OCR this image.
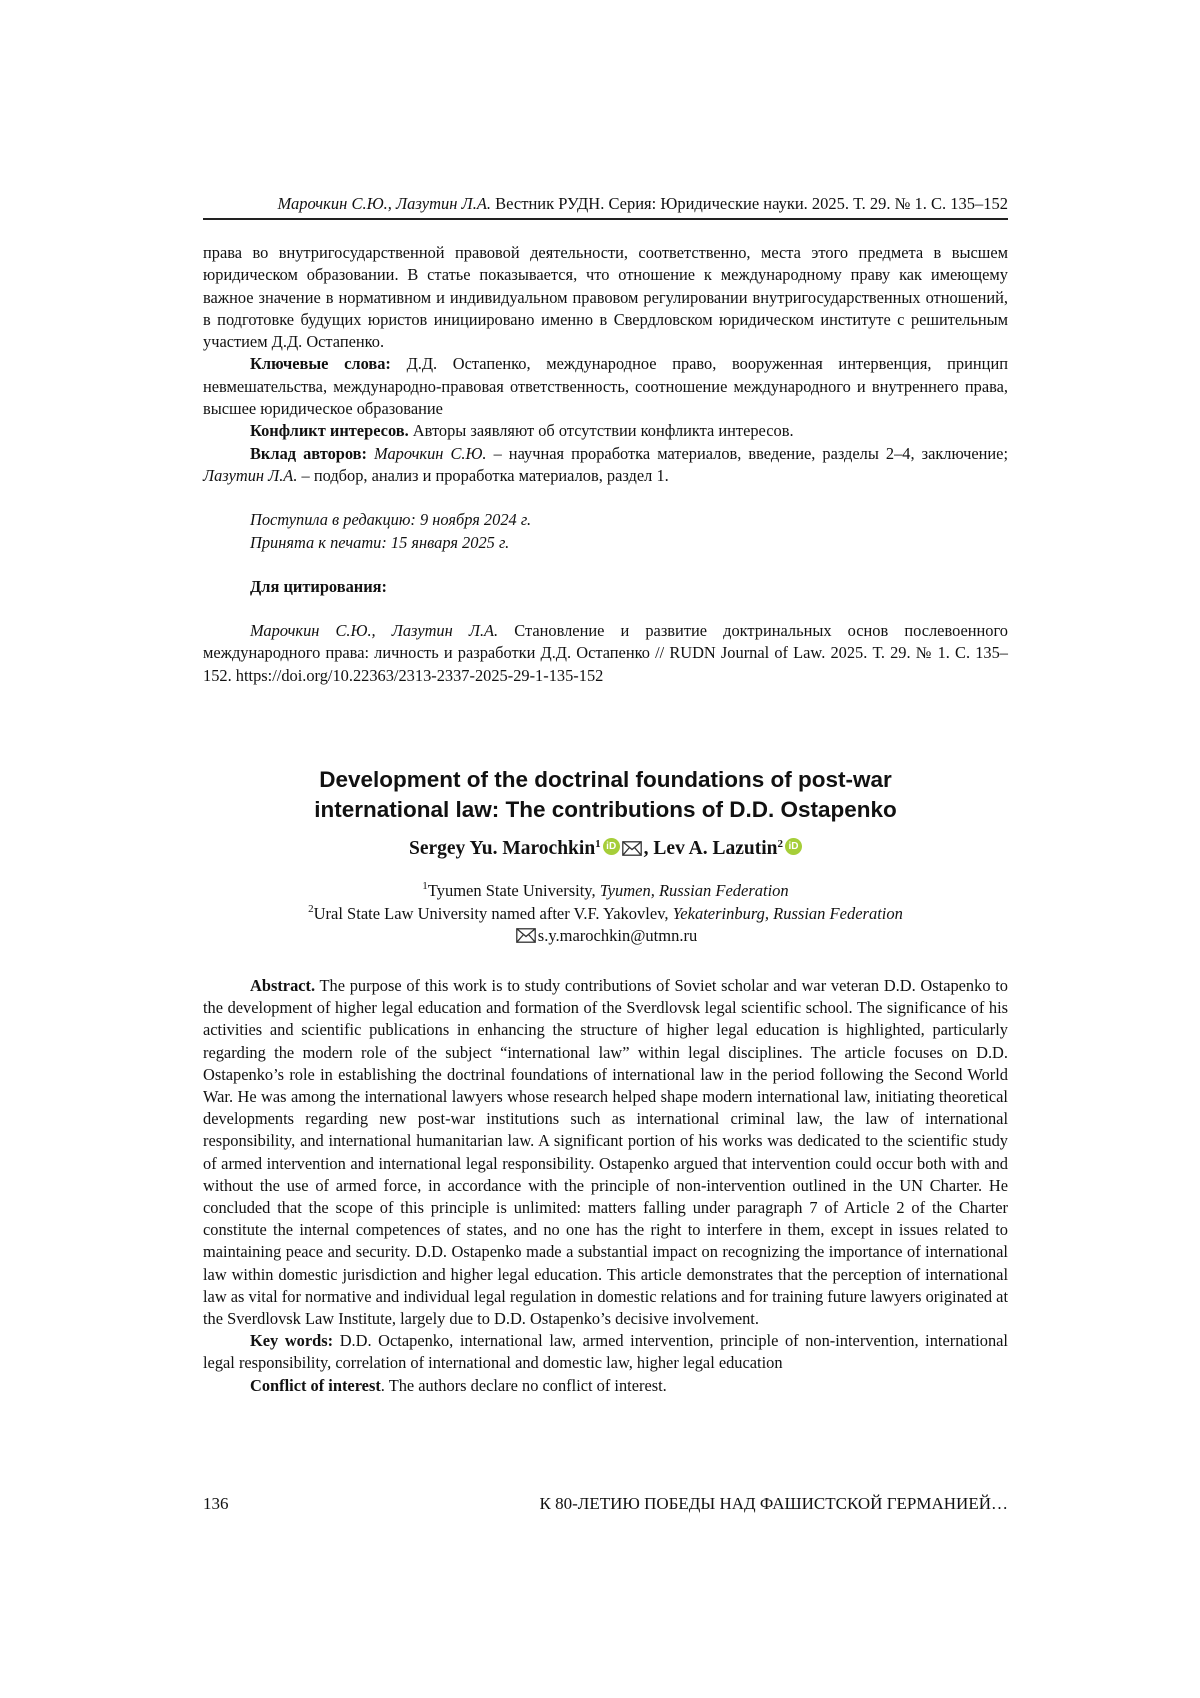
Марочкин С.Ю., Лазутин Л.А. Вестник РУДН. Серия: Юридические науки. 2025. Т. 29. № 1. С. 135–152

права во внутригосударственной правовой деятельности, соответственно, места этого предмета в высшем юридическом образовании. В статье показывается, что отношение к международному праву как имеющему важное значение в нормативном и индивидуальном правовом регулировании внутригосударственных отношений, в подготовке будущих юристов инициировано именно в Свердловском юридическом институте с решительным участием Д.Д. Остапенко.

Ключевые слова: Д.Д. Остапенко, международное право, вооруженная интервенция, принцип невмешательства, международно-правовая ответственность, соотношение международного и внутреннего права, высшее юридическое образование

Конфликт интересов. Авторы заявляют об отсутствии конфликта интересов.

Вклад авторов: Марочкин С.Ю. – научная проработка материалов, введение, разделы 2–4, заключение; Лазутин Л.А. – подбор, анализ и проработка материалов, раздел 1.

Поступила в редакцию: 9 ноября 2024 г.

Принята к печати: 15 января 2025 г.

Для цитирования:

Марочкин С.Ю., Лазутин Л.А. Становление и развитие доктринальных основ послевоенного международного права: личность и разработки Д.Д. Остапенко // RUDN Journal of Law. 2025. Т. 29. № 1. С. 135–152. https://doi.org/10.22363/2313-2337-2025-29-1-135-152

Development of the doctrinal foundations of post-war
international law: The contributions of D.D. Ostapenko
Sergey Yu. Marochkin1 iD , Lev A. Lazutin2 iD
1Tyumen State University, Tyumen, Russian Federation
2Ural State Law University named after V.F. Yakovlev, Yekaterinburg, Russian Federation
s.y.marochkin@utmn.ru

Abstract. The purpose of this work is to study contributions of Soviet scholar and war veteran D.D. Ostapenko to the development of higher legal education and formation of the Sverdlovsk legal scientific school. The significance of his activities and scientific publications in enhancing the structure of higher legal education is highlighted, particularly regarding the modern role of the subject “international law” within legal disciplines. The article focuses on D.D. Ostapenko’s role in establishing the doctrinal foundations of international law in the period following the Second World War. He was among the international lawyers whose research helped shape modern international law, initiating theoretical developments regarding new post-war institutions such as international criminal law, the law of international responsibility, and international humanitarian law. A significant portion of his works was dedicated to the scientific study of armed intervention and international legal responsibility. Ostapenko argued that intervention could occur both with and without the use of armed force, in accordance with the principle of non-intervention outlined in the UN Charter. He concluded that the scope of this principle is unlimited: matters falling under paragraph 7 of Article 2 of the Charter constitute the internal competences of states, and no one has the right to interfere in them, except in issues related to maintaining peace and security. D.D. Ostapenko made a substantial impact on recognizing the importance of international law within domestic jurisdiction and higher legal education. This article demonstrates that the perception of international law as vital for normative and individual legal regulation in domestic relations and for training future lawyers originated at the Sverdlovsk Law Institute, largely due to D.D. Ostapenko’s decisive involvement.

Key words: D.D. Octapenko, international law, armed intervention, principle of non-intervention, international legal responsibility, correlation of international and domestic law, higher legal education

Conflict of interest. The authors declare no conflict of interest.

136	К 80-ЛЕТИЮ ПОБЕДЫ НАД ФАШИСТСКОЙ ГЕРМАНИЕЙ…
